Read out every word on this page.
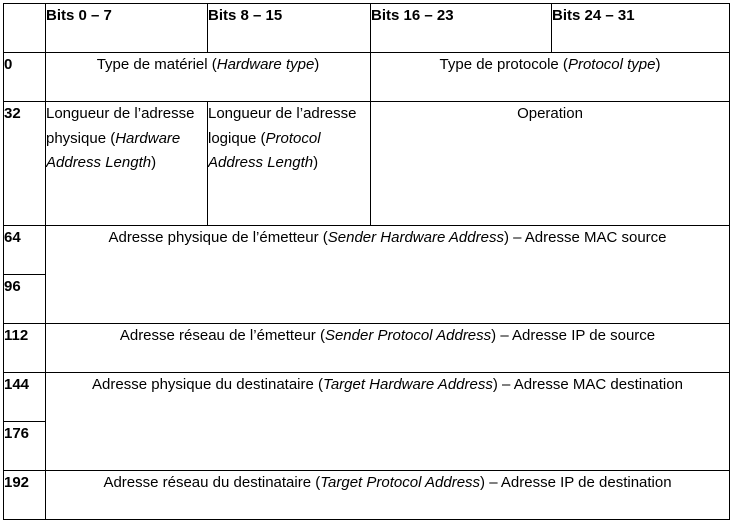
	Bits 0 – 7	Bits 8 – 15	Bits 16 – 23	Bits 24 – 31
0	Type de matériel (Hardware type)		Type de protocole (Protocol type)	
32	Longueur de l’adresse physique (Hardware Address Length)	Longueur de l’adresse logique (Protocol Address Length)	Operation	
64	Adresse physique de l’émetteur (Sender Hardware Address) – Adresse MAC source			
96				
112	Adresse réseau de l’émetteur (Sender Protocol Address) – Adresse IP de source			
144	Adresse physique du destinataire (Target Hardware Address) – Adresse MAC destination			
176				
192	Adresse réseau du destinataire (Target Protocol Address) – Adresse IP de destination			
